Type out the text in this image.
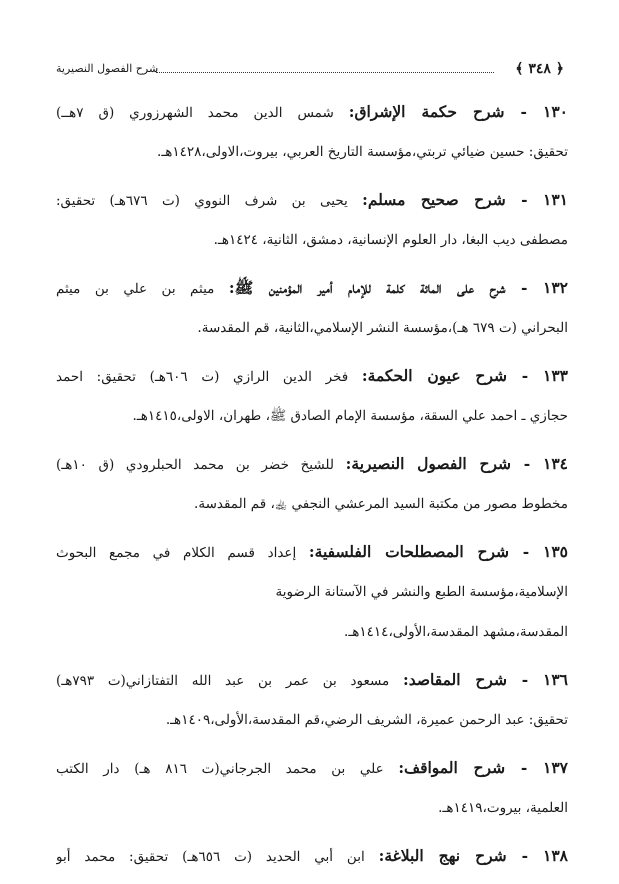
﴿ ٣٤٨ ﴾
شرح الفصول النصيرية
١٣٠ - شرح حكمة الإشراق: شمس الدين محمد الشهرزوري (ق ٧هــ)
تحقيق: حسين ضيائي تربتي،مؤسسة التاريخ العربي، بيروت،الاولى،١٤٢٨هـ.
١٣١ - شرح صحيح مسلم: يحيى بن شرف النووي (ت ٦٧٦هـ) تحقيق:
مصطفى ديب البغا، دار العلوم الإنسانية، دمشق، الثانية، ١٤٢٤هـ.
١٣٢ - شرح على المائة كلمة للإمام أمير المؤمنين ﷺ: ميثم بن علي بن ميثم
البحراني (ت ٦٧٩ هـ)،مؤسسة النشر الإسلامي،الثانية، قم المقدسة.
١٣٣ - شرح عيون الحكمة: فخر الدين الرازي (ت ٦٠٦هـ) تحقيق: احمد
حجازي ـ احمد علي السقة، مؤسسة الإمام الصادق ﷺ، طهران، الاولى،١٤١٥هـ.
١٣٤ - شرح الفصول النصيرية: للشيخ خضر بن محمد الحبلرودي (ق ١٠هـ)
مخطوط مصور من مكتبة السيد المرعشي النجفي ﵀، قم المقدسة.
١٣٥ - شرح المصطلحات الفلسفية: إعداد قسم الكلام في مجمع البحوث
الإسلامية،مؤسسة الطبع والنشر في الآستانة الرضوية
المقدسة،مشهد المقدسة،الأولى،١٤١٤هـ.
١٣٦ - شرح المقاصد: مسعود بن عمر بن عبد الله التفتازاني(ت ٧٩٣هـ)
تحقيق: عبد الرحمن عميرة، الشريف الرضي،قم المقدسة،الأولى،١٤٠٩هـ.
١٣٧ - شرح المواقف: علي بن محمد الجرجاني(ت ٨١٦ هـ) دار الكتب
العلمية، بيروت،١٤١٩هـ.
١٣٨ - شرح نهج البلاغة: ابن أبي الحديد (ت ٦٥٦هـ) تحقيق: محمد أبو
